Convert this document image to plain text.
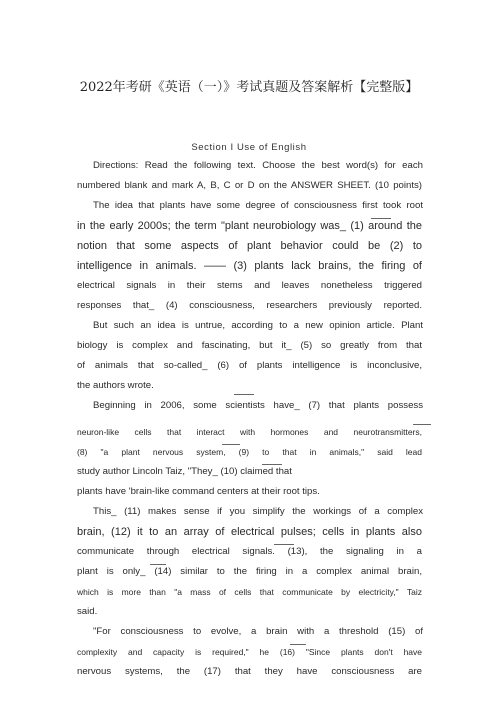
2022年考研《英语（一）》考试真题及答案解析【完整版】
Section I Use of English
Directions: Read the following text. Choose the best word(s) for each
numbered blank and mark A, B, C or D on the ANSWER SHEET. (10 points)
The idea that plants have some degree of consciousness first took root
in the early 2000s; the term "plant neurobiology was_ (1) around the
notion that some aspects of plant behavior could be (2) to
intelligence in animals. —— (3) plants lack brains, the firing of
electrical signals in their stems and leaves nonetheless triggered
responses that_ (4) consciousness, researchers previously reported.
But such an idea is untrue, according to a new opinion article. Plant
biology is complex and fascinating, but it_ (5) so greatly from that
of animals that so-called_ (6) of plants intelligence is inconclusive,
the authors wrote.
Beginning in 2006, some scientists have_ (7) that plants possess
neuron-like cells that interact with hormones and neurotransmitters,
(8) "a plant nervous system, (9) to that in animals," said lead
study author Lincoln Taiz, "They_ (10) claimed that
plants have 'brain-like command centers at their root tips.
This_ (11) makes sense if you simplify the workings of a complex
brain, (12) it to an array of electrical pulses; cells in plants also
communicate through electrical signals. (13), the signaling in a
plant is only_ (14) similar to the firing in a complex animal brain,
which is more than "a mass of cells that communicate by electricity," Taiz
said.
"For consciousness to evolve, a brain with a threshold (15) of
complexity and capacity is required," he (16) "Since plants don't have
nervous systems, the (17) that they have consciousness are
